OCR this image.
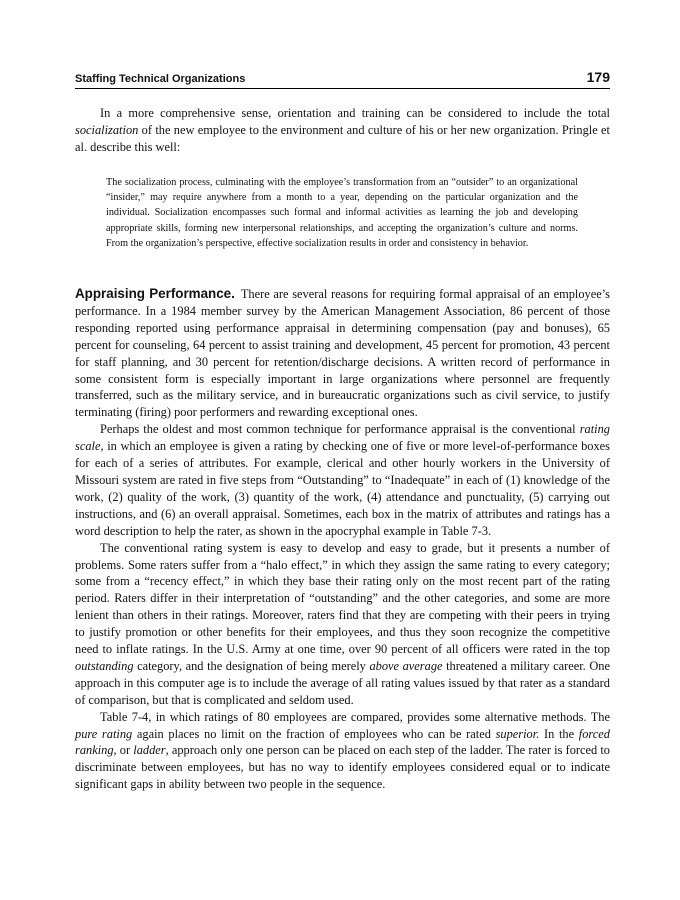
Staffing Technical Organizations	179

In a more comprehensive sense, orientation and training can be considered to include the total socialization of the new employee to the environment and culture of his or her new organization. Pringle et al. describe this well:

The socialization process, culminating with the employee’s transformation from an “outsider” to an organizational “insider,” may require anywhere from a month to a year, depending on the particular organization and the individual. Socialization encompasses such formal and informal activities as learning the job and developing appropriate skills, forming new interpersonal relationships, and accepting the organization’s culture and norms. From the organization’s perspective, effective socialization results in order and consistency in behavior.

Appraising Performance. There are several reasons for requiring formal appraisal of an employee’s performance. In a 1984 member survey by the American Management Association, 86 percent of those responding reported using performance appraisal in determining compensation (pay and bonuses), 65 percent for counseling, 64 percent to assist training and development, 45 percent for promotion, 43 percent for staff planning, and 30 percent for retention/discharge decisions. A written record of performance in some consistent form is especially important in large organizations where personnel are frequently transferred, such as the military service, and in bureaucratic organizations such as civil service, to justify terminating (firing) poor performers and rewarding exceptional ones.

Perhaps the oldest and most common technique for performance appraisal is the conventional rating scale, in which an employee is given a rating by checking one of five or more level-of-performance boxes for each of a series of attributes. For example, clerical and other hourly workers in the University of Missouri system are rated in five steps from “Outstanding” to “Inadequate” in each of (1) knowledge of the work, (2) quality of the work, (3) quantity of the work, (4) attendance and punctuality, (5) carrying out instructions, and (6) an overall appraisal. Sometimes, each box in the matrix of attributes and ratings has a word description to help the rater, as shown in the apocryphal example in Table 7-3.

The conventional rating system is easy to develop and easy to grade, but it presents a number of problems. Some raters suffer from a “halo effect,” in which they assign the same rating to every category; some from a “recency effect,” in which they base their rating only on the most recent part of the rating period. Raters differ in their interpretation of “outstanding” and the other categories, and some are more lenient than others in their ratings. Moreover, raters find that they are competing with their peers in trying to justify promotion or other benefits for their employees, and thus they soon recognize the competitive need to inflate ratings. In the U.S. Army at one time, over 90 percent of all officers were rated in the top outstanding category, and the designation of being merely above average threatened a military career. One approach in this computer age is to include the average of all rating values issued by that rater as a standard of comparison, but that is complicated and seldom used.

Table 7-4, in which ratings of 80 employees are compared, provides some alternative methods. The pure rating again places no limit on the fraction of employees who can be rated superior. In the forced ranking, or ladder, approach only one person can be placed on each step of the ladder. The rater is forced to discriminate between employees, but has no way to identify employees considered equal or to indicate significant gaps in ability between two people in the sequence.
